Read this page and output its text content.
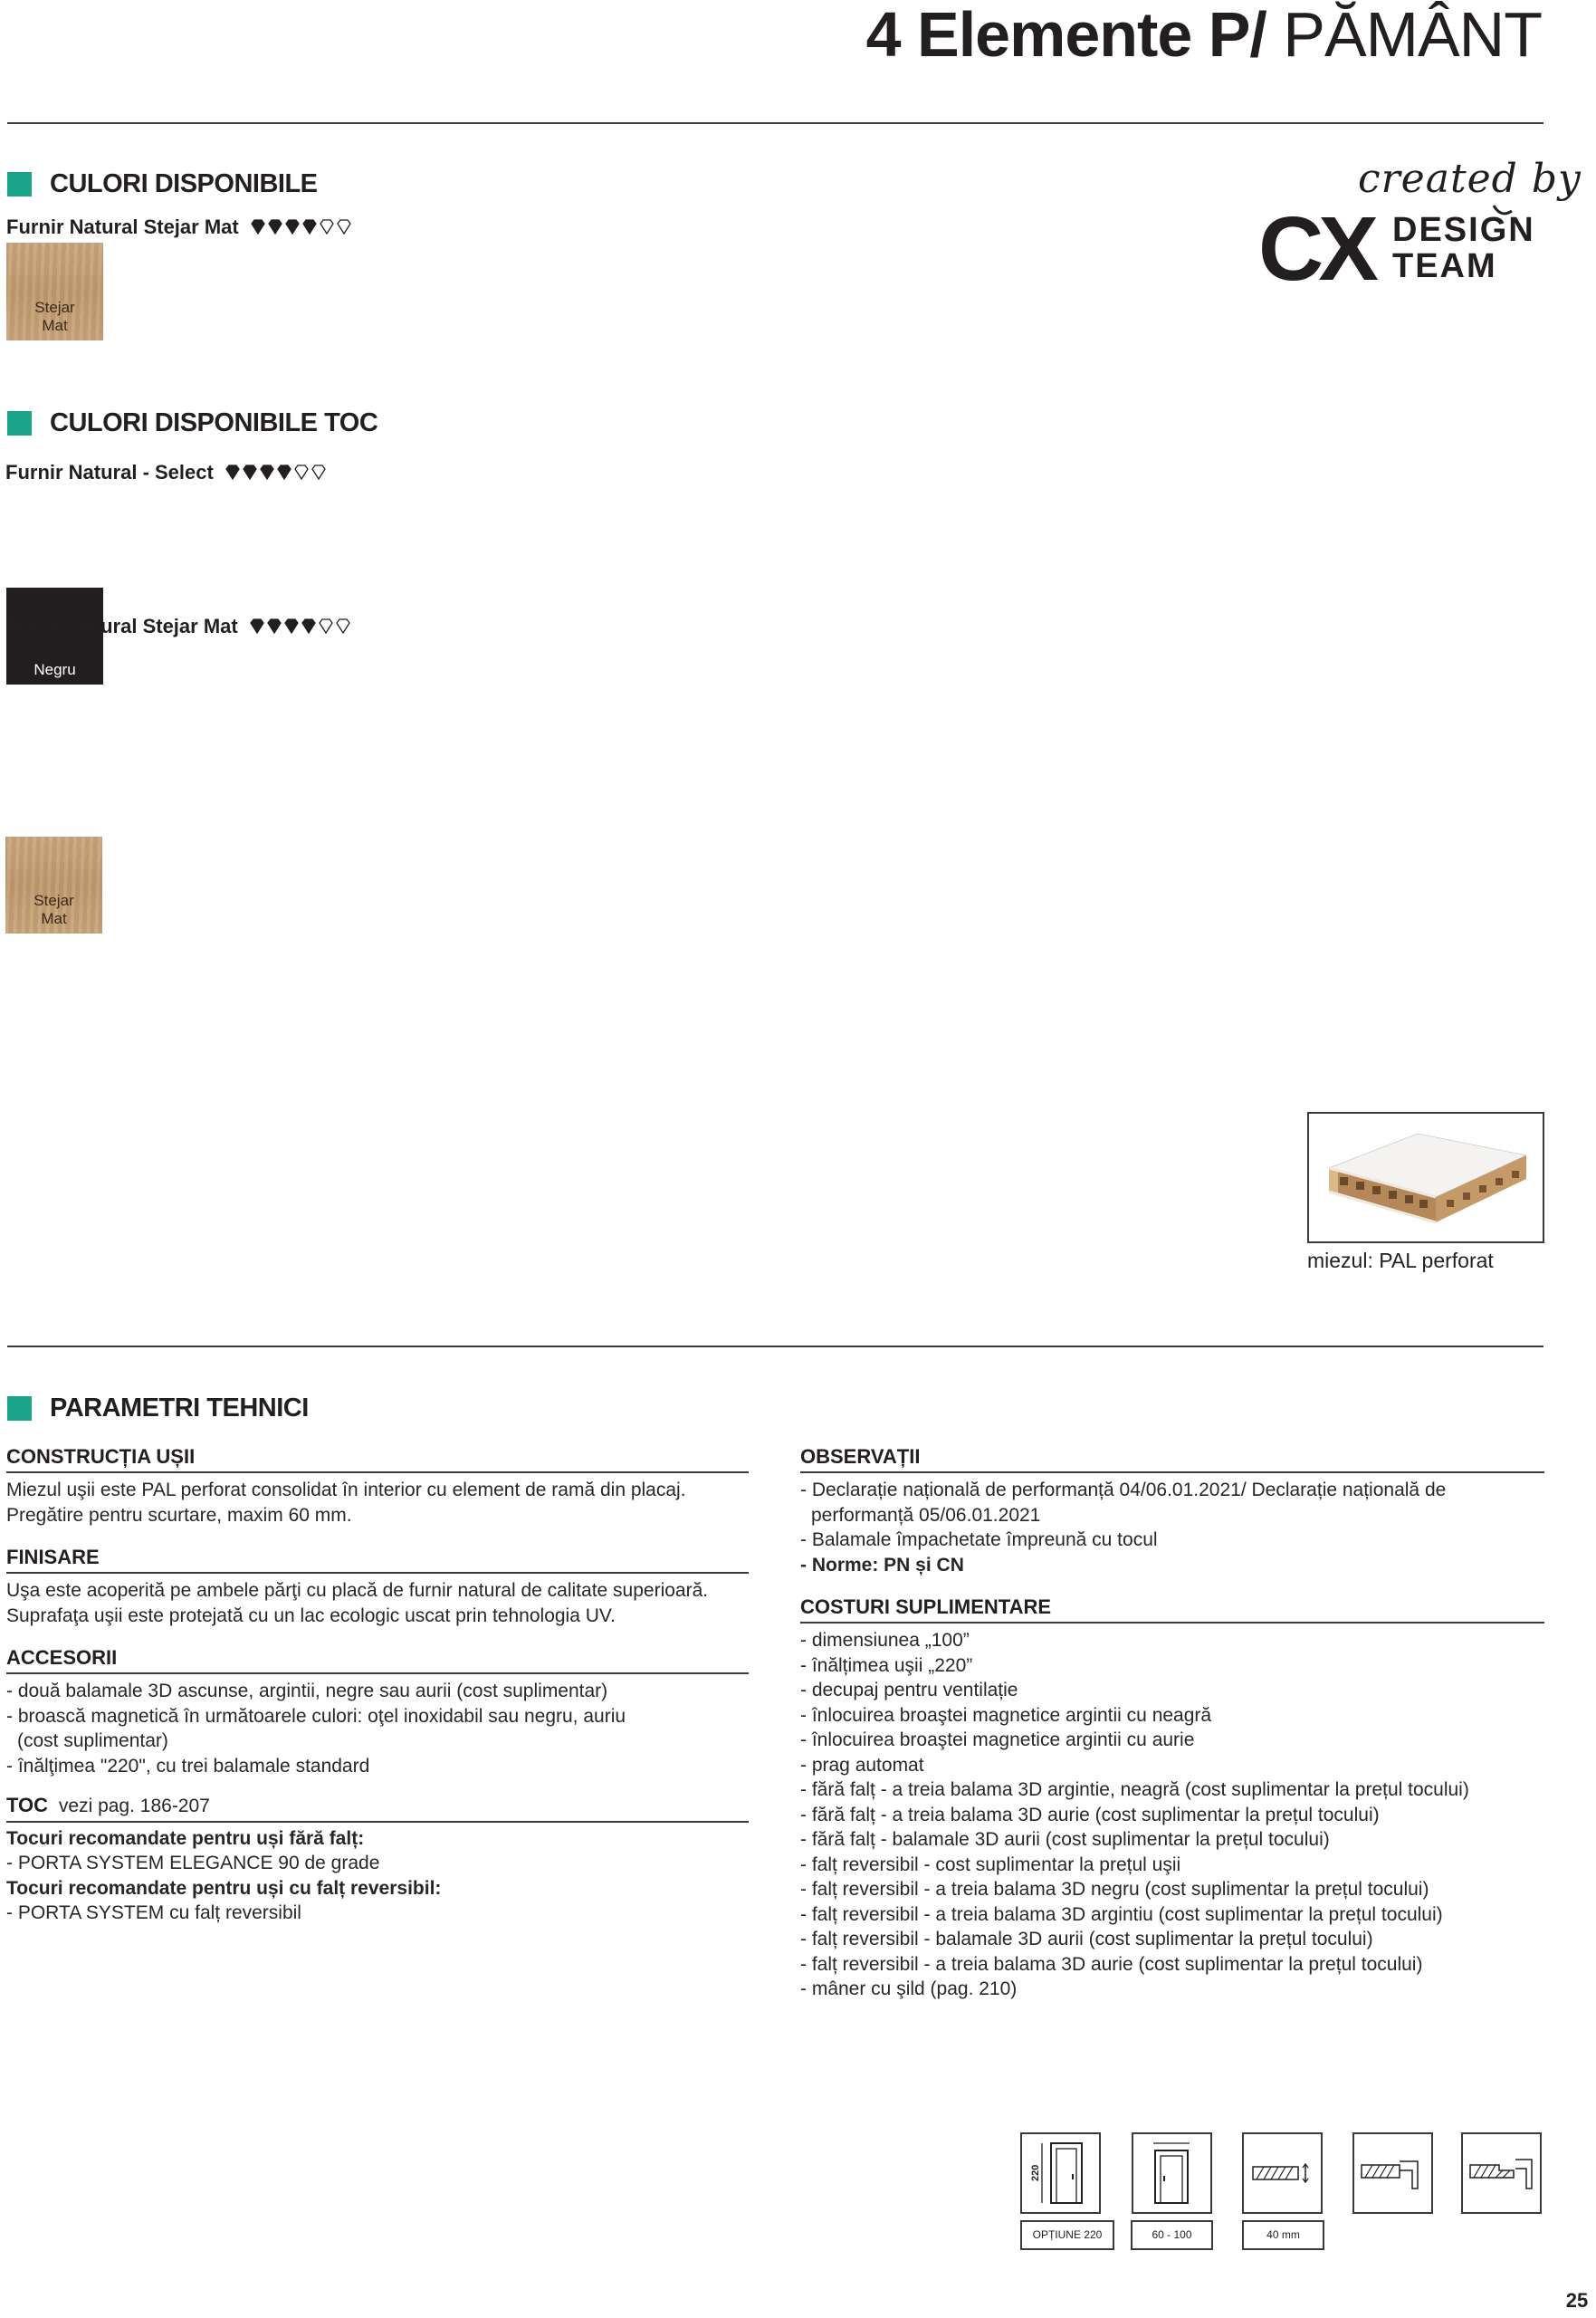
4 Elemente P/ PĂMÂNT
CULORI DISPONIBILE
Furnir Natural Stejar Mat
Stejar
Mat
created by
CX DESIGN
TEAM
CULORI DISPONIBILE TOC
Furnir Natural - Select
Negru
Furnir Natural Stejar Mat
Stejar
Mat
miezul: PAL perforat
PARAMETRI TEHNICI
CONSTRUCȚIA UȘII
Miezul uşii este PAL perforat consolidat în interior cu element de ramă din placaj.
Pregătire pentru scurtare, maxim 60 mm.
FINISARE
Uşa este acoperită pe ambele părţi cu placă de furnir natural de calitate superioară.
Suprafaţa uşii este protejată cu un lac ecologic uscat prin tehnologia UV.
ACCESORII
- două balamale 3D ascunse, argintii, negre sau aurii (cost suplimentar)
- broască magnetică în următoarele culori: oţel inoxidabil sau negru, auriu
(cost suplimentar)
- înălţimea "220", cu trei balamale standard
TOC vezi pag. 186-207
Tocuri recomandate pentru uși fără falț:
- PORTA SYSTEM ELEGANCE 90 de grade
Tocuri recomandate pentru uși cu falț reversibil:
- PORTA SYSTEM cu falț reversibil
OBSERVAȚII
- Declarație națională de performanță 04/06.01.2021/ Declarație națională de
performanță 05/06.01.2021
- Balamale împachetate împreună cu tocul
- Norme: PN și CN
COSTURI SUPLIMENTARE
- dimensiunea „100”
- înălțimea uşii „220”
- decupaj pentru ventilație
- înlocuirea broaştei magnetice argintii cu neagră
- înlocuirea broaştei magnetice argintii cu aurie
- prag automat
- fără falț - a treia balama 3D argintie, neagră (cost suplimentar la prețul tocului)
- fără falț - a treia balama 3D aurie (cost suplimentar la prețul tocului)
- fără falț - balamale 3D aurii (cost suplimentar la prețul tocului)
- falț reversibil - cost suplimentar la prețul uşii
- falț reversibil - a treia balama 3D negru (cost suplimentar la prețul tocului)
- falț reversibil - a treia balama 3D argintiu (cost suplimentar la prețul tocului)
- falț reversibil - balamale 3D aurii (cost suplimentar la prețul tocului)
- falț reversibil - a treia balama 3D aurie (cost suplimentar la prețul tocului)
- mâner cu şild (pag. 210)
220
OPȚIUNE 220	60 - 100	40 mm
25
